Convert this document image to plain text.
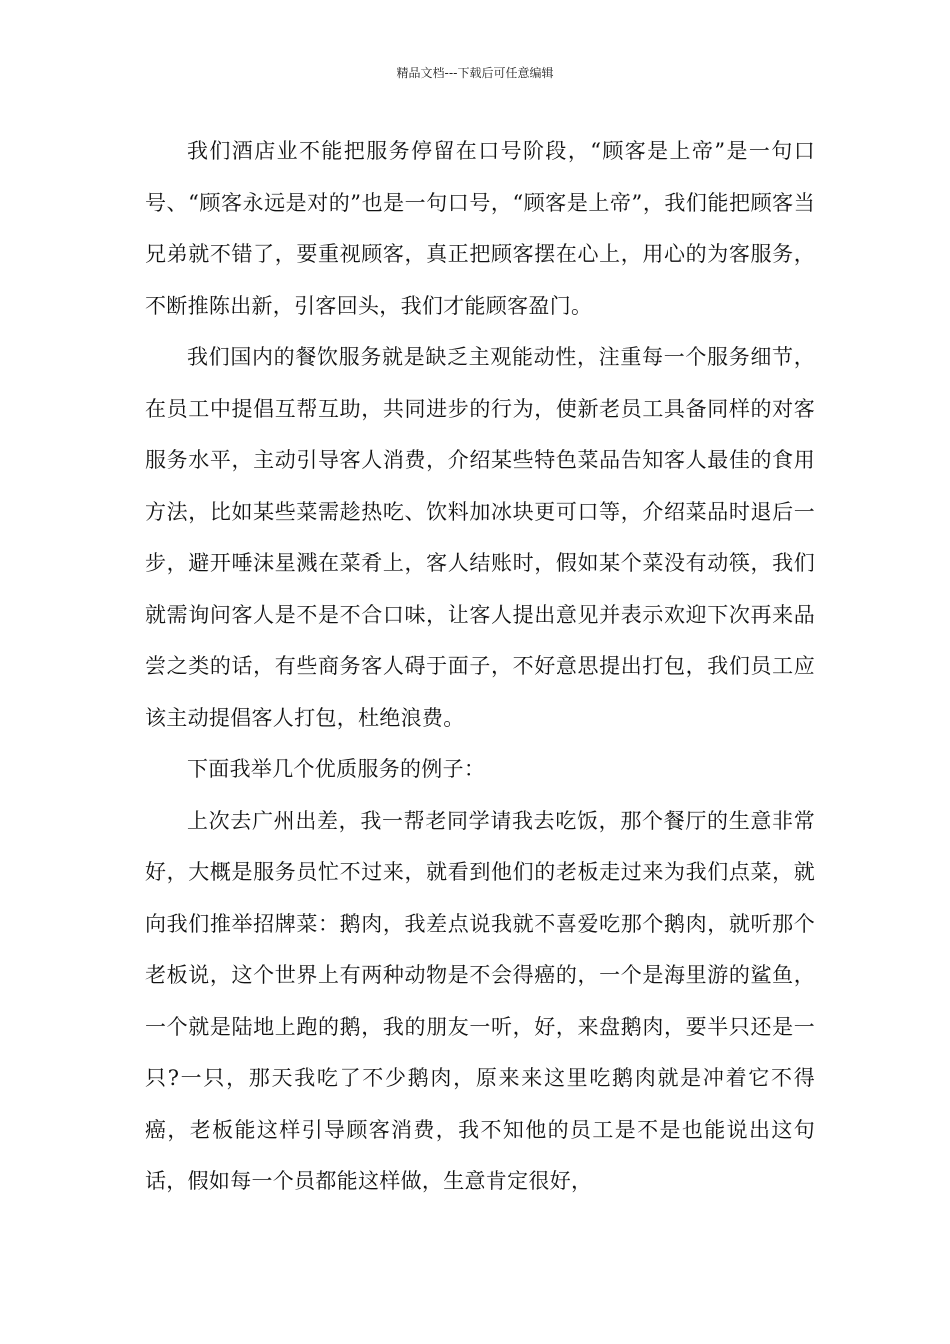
精品文档---下载后可任意编辑

我们酒店业不能把服务停留在口号阶段，“顾客是上帝”是一句口号、“顾客永远是对的”也是一句口号，“顾客是上帝”，我们能把顾客当兄弟就不错了，要重视顾客，真正把顾客摆在心上，用心的为客服务，不断推陈出新，引客回头，我们才能顾客盈门。

我们国内的餐饮服务就是缺乏主观能动性，注重每一个服务细节，在员工中提倡互帮互助，共同进步的行为，使新老员工具备同样的对客服务水平，主动引导客人消费，介绍某些特色菜品告知客人最佳的食用方法，比如某些菜需趁热吃、饮料加冰块更可口等，介绍菜品时退后一步，避开唾沫星溅在菜肴上，客人结账时，假如某个菜没有动筷，我们就需询问客人是不是不合口味，让客人提出意见并表示欢迎下次再来品尝之类的话，有些商务客人碍于面子，不好意思提出打包，我们员工应该主动提倡客人打包，杜绝浪费。

下面我举几个优质服务的例子：

上次去广州出差，我一帮老同学请我去吃饭，那个餐厅的生意非常好，大概是服务员忙不过来，就看到他们的老板走过来为我们点菜，就向我们推举招牌菜：鹅肉，我差点说我就不喜爱吃那个鹅肉，就听那个老板说，这个世界上有两种动物是不会得癌的，一个是海里游的鲨鱼，一个就是陆地上跑的鹅，我的朋友一听，好，来盘鹅肉，要半只还是一只?一只，那天我吃了不少鹅肉，原来来这里吃鹅肉就是冲着它不得癌，老板能这样引导顾客消费，我不知他的员工是不是也能说出这句话，假如每一个员都能这样做，生意肯定很好，
